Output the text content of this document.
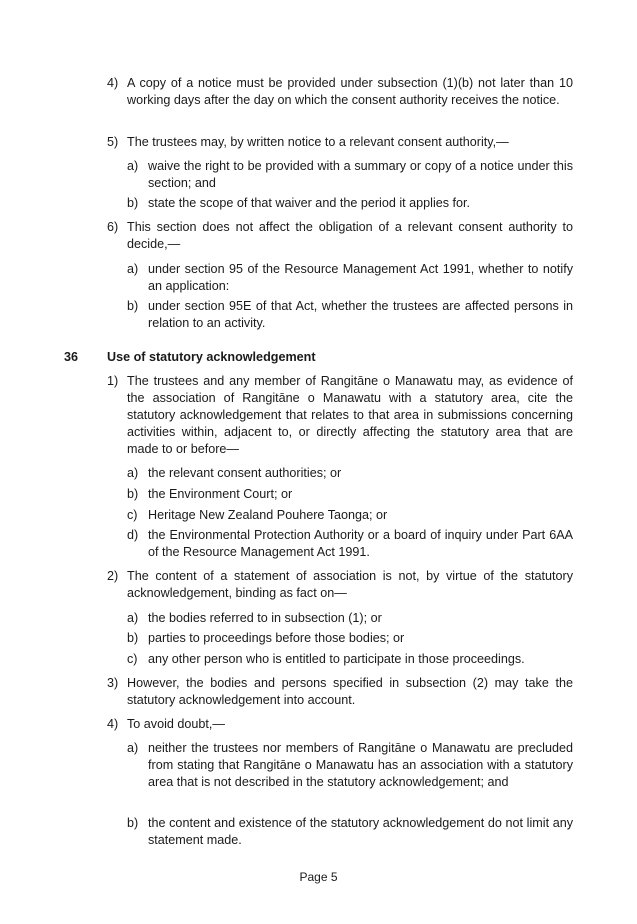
4) A copy of a notice must be provided under subsection (1)(b) not later than 10 working days after the day on which the consent authority receives the notice.
5) The trustees may, by written notice to a relevant consent authority,—
a) waive the right to be provided with a summary or copy of a notice under this section; and
b) state the scope of that waiver and the period it applies for.
6) This section does not affect the obligation of a relevant consent authority to decide,—
a) under section 95 of the Resource Management Act 1991, whether to notify an application:
b) under section 95E of that Act, whether the trustees are affected persons in relation to an activity.
36 Use of statutory acknowledgement
1) The trustees and any member of Rangitāne o Manawatu may, as evidence of the association of Rangitāne o Manawatu with a statutory area, cite the statutory acknowledgement that relates to that area in submissions concerning activities within, adjacent to, or directly affecting the statutory area that are made to or before—
a) the relevant consent authorities; or
b) the Environment Court; or
c) Heritage New Zealand Pouhere Taonga; or
d) the Environmental Protection Authority or a board of inquiry under Part 6AA of the Resource Management Act 1991.
2) The content of a statement of association is not, by virtue of the statutory acknowledgement, binding as fact on—
a) the bodies referred to in subsection (1); or
b) parties to proceedings before those bodies; or
c) any other person who is entitled to participate in those proceedings.
3) However, the bodies and persons specified in subsection (2) may take the statutory acknowledgement into account.
4) To avoid doubt,—
a) neither the trustees nor members of Rangitāne o Manawatu are precluded from stating that Rangitāne o Manawatu has an association with a statutory area that is not described in the statutory acknowledgement; and
b) the content and existence of the statutory acknowledgement do not limit any statement made.
Page 5
